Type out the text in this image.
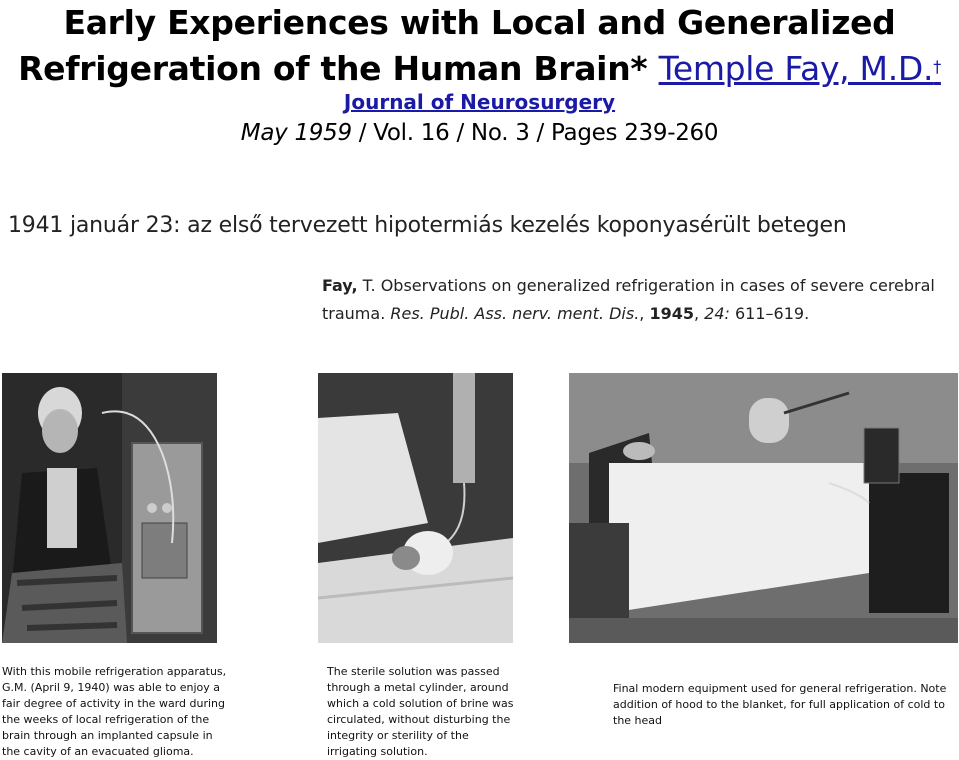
Early Experiences with Local and Generalized
Refrigeration of the Human Brain* Temple Fay, M.D.†
Journal of Neurosurgery
May 1959 / Vol. 16 / No. 3 / Pages 239-260
1941 január 23: az első tervezett hipotermiás kezelés koponyasérült betegen
Fay, T. Observations on generalized refrigeration in cases of severe cerebral trauma. Res. Publ. Ass. nerv. ment. Dis., 1945, 24: 611–619.
With this mobile refrigeration apparatus, G.M. (April 9, 1940) was able to enjoy a fair degree of activity in the ward during the weeks of local refrigeration of the brain through an implanted capsule in the cavity of an evacuated glioma.
The sterile solution was passed through a metal cylinder, around which a cold solution of brine was circulated, without disturbing the integrity or sterility of the irrigating solution.
Final modern equipment used for general refrigeration. Note addition of hood to the blanket, for full application of cold to the head
